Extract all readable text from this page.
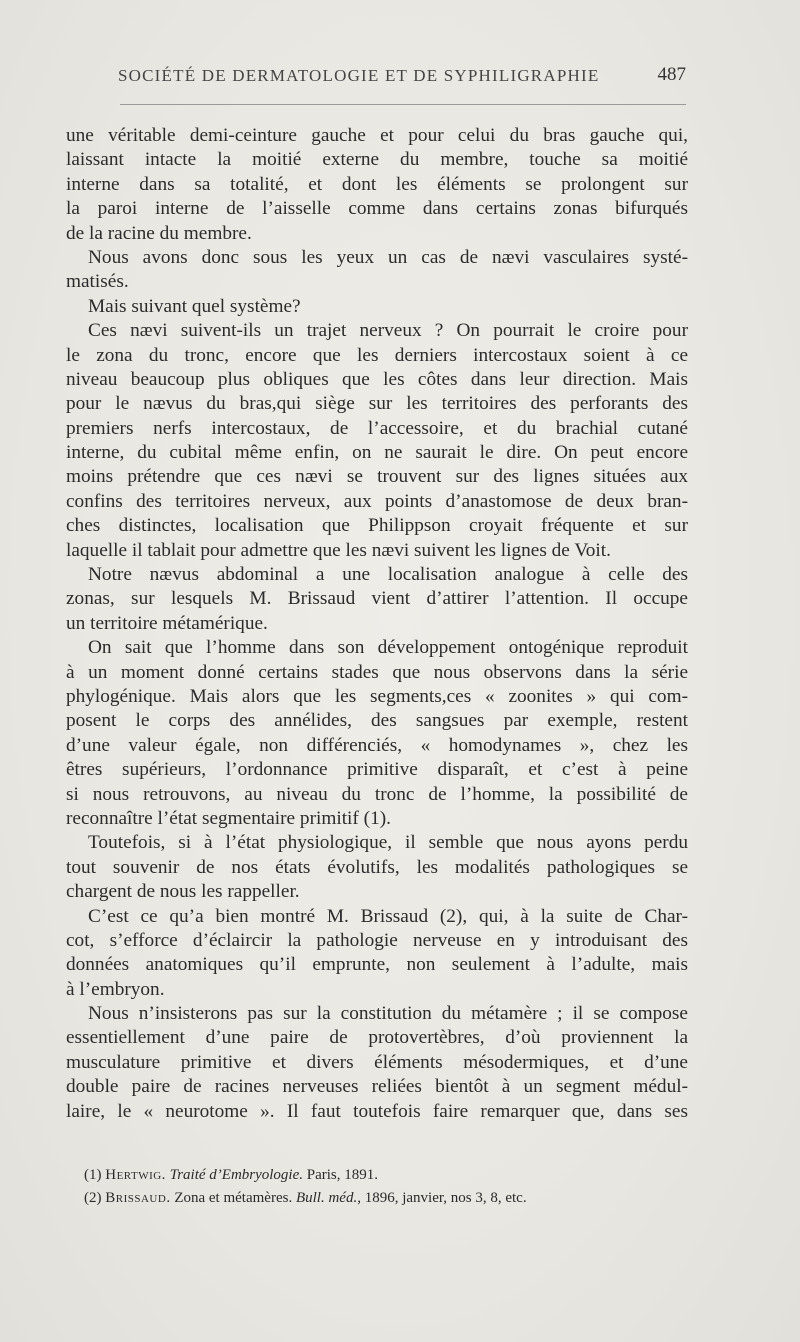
SOCIÉTÉ DE DERMATOLOGIE ET DE SYPHILIGRAPHIE	487
une véritable demi-ceinture gauche et pour celui du bras gauche qui,
laissant intacte la moitié externe du membre, touche sa moitié
interne dans sa totalité, et dont les éléments se prolongent sur
la paroi interne de l’aisselle comme dans certains zonas bifurqués
de la racine du membre.
Nous avons donc sous les yeux un cas de nævi vasculaires systé-
matisés.
Mais suivant quel système?
Ces nævi suivent-ils un trajet nerveux ? On pourrait le croire pour
le zona du tronc, encore que les derniers intercostaux soient à ce
niveau beaucoup plus obliques que les côtes dans leur direction. Mais
pour le nævus du bras,qui siège sur les territoires des perforants des
premiers nerfs intercostaux, de l’accessoire, et du brachial cutané
interne, du cubital même enfin, on ne saurait le dire. On peut encore
moins prétendre que ces nævi se trouvent sur des lignes situées aux
confins des territoires nerveux, aux points d’anastomose de deux bran-
ches distinctes, localisation que Philippson croyait fréquente et sur
laquelle il tablait pour admettre que les nævi suivent les lignes de Voit.
Notre nævus abdominal a une localisation analogue à celle des
zonas, sur lesquels M. Brissaud vient d’attirer l’attention. Il occupe
un territoire métamérique.
On sait que l’homme dans son développement ontogénique reproduit
à un moment donné certains stades que nous observons dans la série
phylogénique. Mais alors que les segments,ces « zoonites » qui com-
posent le corps des annélides, des sangsues par exemple, restent
d’une valeur égale, non différenciés, « homodynames », chez les
êtres supérieurs, l’ordonnance primitive disparaît, et c’est à peine
si nous retrouvons, au niveau du tronc de l’homme, la possibilité de
reconnaître l’état segmentaire primitif (1).
Toutefois, si à l’état physiologique, il semble que nous ayons perdu
tout souvenir de nos états évolutifs, les modalités pathologiques se
chargent de nous les rappeller.
C’est ce qu’a bien montré M. Brissaud (2), qui, à la suite de Char-
cot, s’efforce d’éclaircir la pathologie nerveuse en y introduisant des
données anatomiques qu’il emprunte, non seulement à l’adulte, mais
à l’embryon.
Nous n’insisterons pas sur la constitution du métamère ; il se compose
essentiellement d’une paire de protovertèbres, d’où proviennent la
musculature primitive et divers éléments mésodermiques, et d’une
double paire de racines nerveuses reliées bientôt à un segment médul-
laire, le « neurotome ». Il faut toutefois faire remarquer que, dans ses
(1) Hertwig. Traité d’Embryologie. Paris, 1891.
(2) Brissaud. Zona et métamères. Bull. méd., 1896, janvier, nos 3, 8, etc.
